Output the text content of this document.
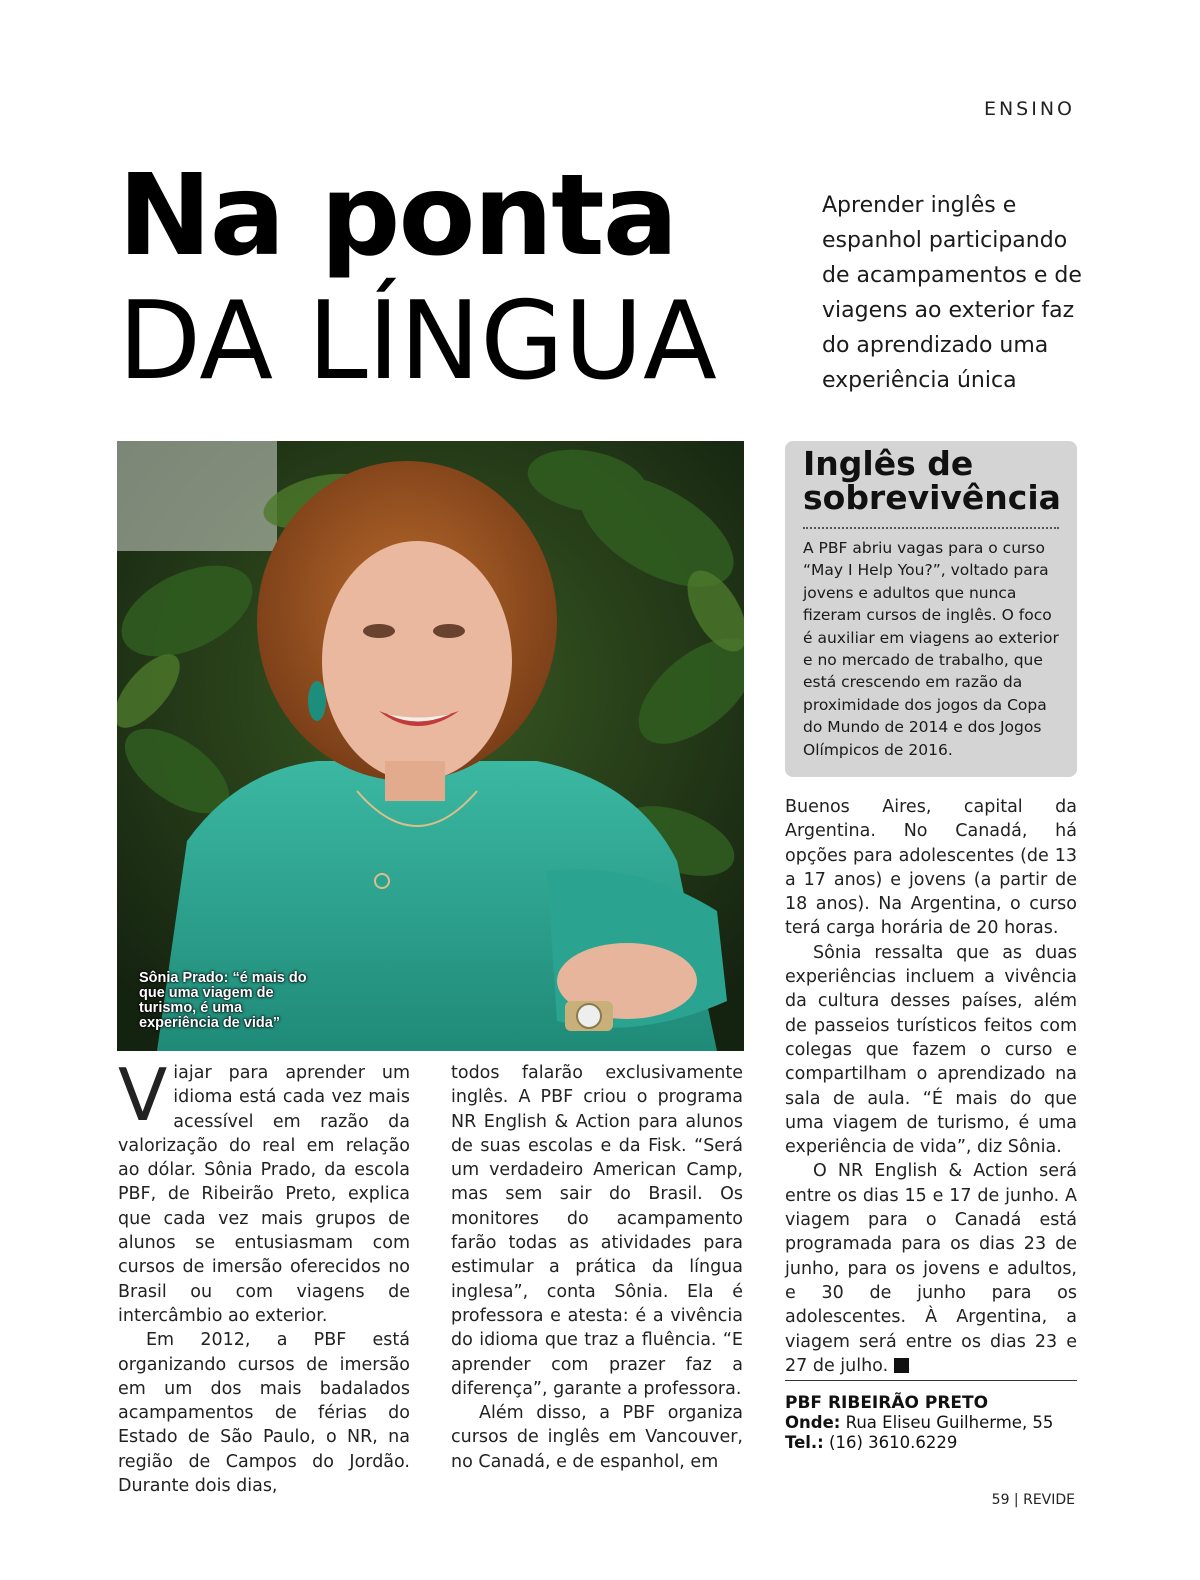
ENSINO
Na ponta
DA LÍNGUA
Aprender inglês e espanhol participando de acampamentos e de viagens ao exterior faz do aprendizado uma experiência única
Sônia Prado: “é mais do que uma viagem de turismo, é uma experiência de vida”
Inglês de
sobrevivência

A PBF abriu vagas para o curso “May I Help You?”, voltado para jovens e adultos que nunca fizeram cursos de inglês. O foco é auxiliar em viagens ao exterior e no mercado de trabalho, que está crescendo em razão da proximidade dos jogos da Copa do Mundo de 2014 e dos Jogos Olímpicos de 2016.

Viajar para aprender um idioma está cada vez mais acessível em razão da valorização do real em relação ao dólar. Sônia Prado, da escola PBF, de Ribeirão Preto, explica que cada vez mais grupos de alunos se entusiasmam com cursos de imersão oferecidos no Brasil ou com viagens de intercâmbio ao exterior.

Em 2012, a PBF está organizando cursos de imersão em um dos mais badalados acampamentos de férias do Estado de São Paulo, o NR, na região de Campos do Jordão. Durante dois dias,

todos falarão exclusivamente inglês. A PBF criou o programa NR English & Action para alunos de suas escolas e da Fisk. “Será um verdadeiro American Camp, mas sem sair do Brasil. Os monitores do acampamento farão todas as atividades para estimular a prática da língua inglesa”, conta Sônia. Ela é professora e atesta: é a vivência do idioma que traz a fluência. “E aprender com prazer faz a diferença”, garante a professora.

Além disso, a PBF organiza cursos de inglês em Vancouver, no Canadá, e de espanhol, em

Buenos Aires, capital da Argentina. No Canadá, há opções para adolescentes (de 13 a 17 anos) e jovens (a partir de 18 anos). Na Argentina, o curso terá carga horária de 20 horas.

Sônia ressalta que as duas experiências incluem a vivência da cultura desses países, além de passeios turísticos feitos com colegas que fazem o curso e compartilham o aprendizado na sala de aula. “É mais do que uma viagem de turismo, é uma experiência de vida”, diz Sônia.

O NR English & Action será entre os dias 15 e 17 de junho. A viagem para o Canadá está programada para os dias 23 de junho, para os jovens e adultos, e 30 de junho para os adolescentes. À Argentina, a viagem será entre os dias 23 e 27 de julho.	r

PBF RIBEIRÃO PRETO
Onde: Rua Eliseu Guilherme, 55
Tel.: (16) 3610.6229
59 | REVIDE
